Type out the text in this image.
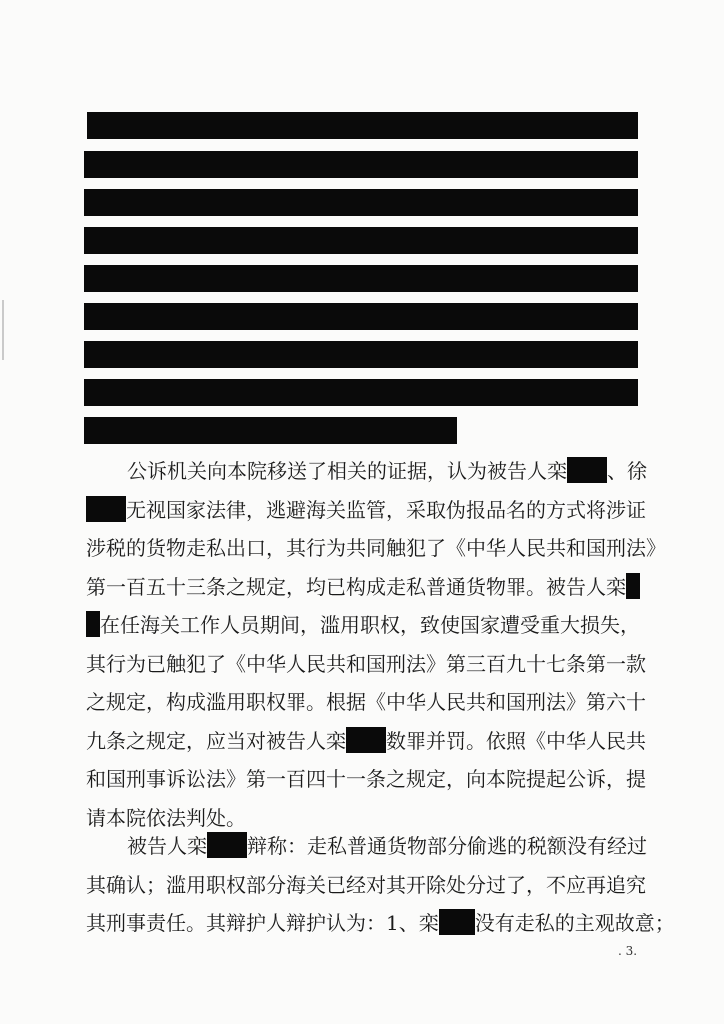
公诉机关向本院移送了相关的证据，认为被告人栾 、徐
无视国家法律，逃避海关监管，采取伪报品名的方式将涉证
涉税的货物走私出口，其行为共同触犯了《中华人民共和国刑法》
第一百五十三条之规定，均已构成走私普通货物罪。被告人栾
在任海关工作人员期间，滥用职权，致使国家遭受重大损失，
其行为已触犯了《中华人民共和国刑法》第三百九十七条第一款
之规定，构成滥用职权罪。根据《中华人民共和国刑法》第六十
九条之规定，应当对被告人栾 数罪并罚。依照《中华人民共
和国刑事诉讼法》第一百四十一条之规定，向本院提起公诉，提
请本院依法判处。
被告人栾 辩称：走私普通货物部分偷逃的税额没有经过
其确认；滥用职权部分海关已经对其开除处分过了，不应再追究
其刑事责任。其辩护人辩护认为：1、栾 没有走私的主观故意；
. 3.
